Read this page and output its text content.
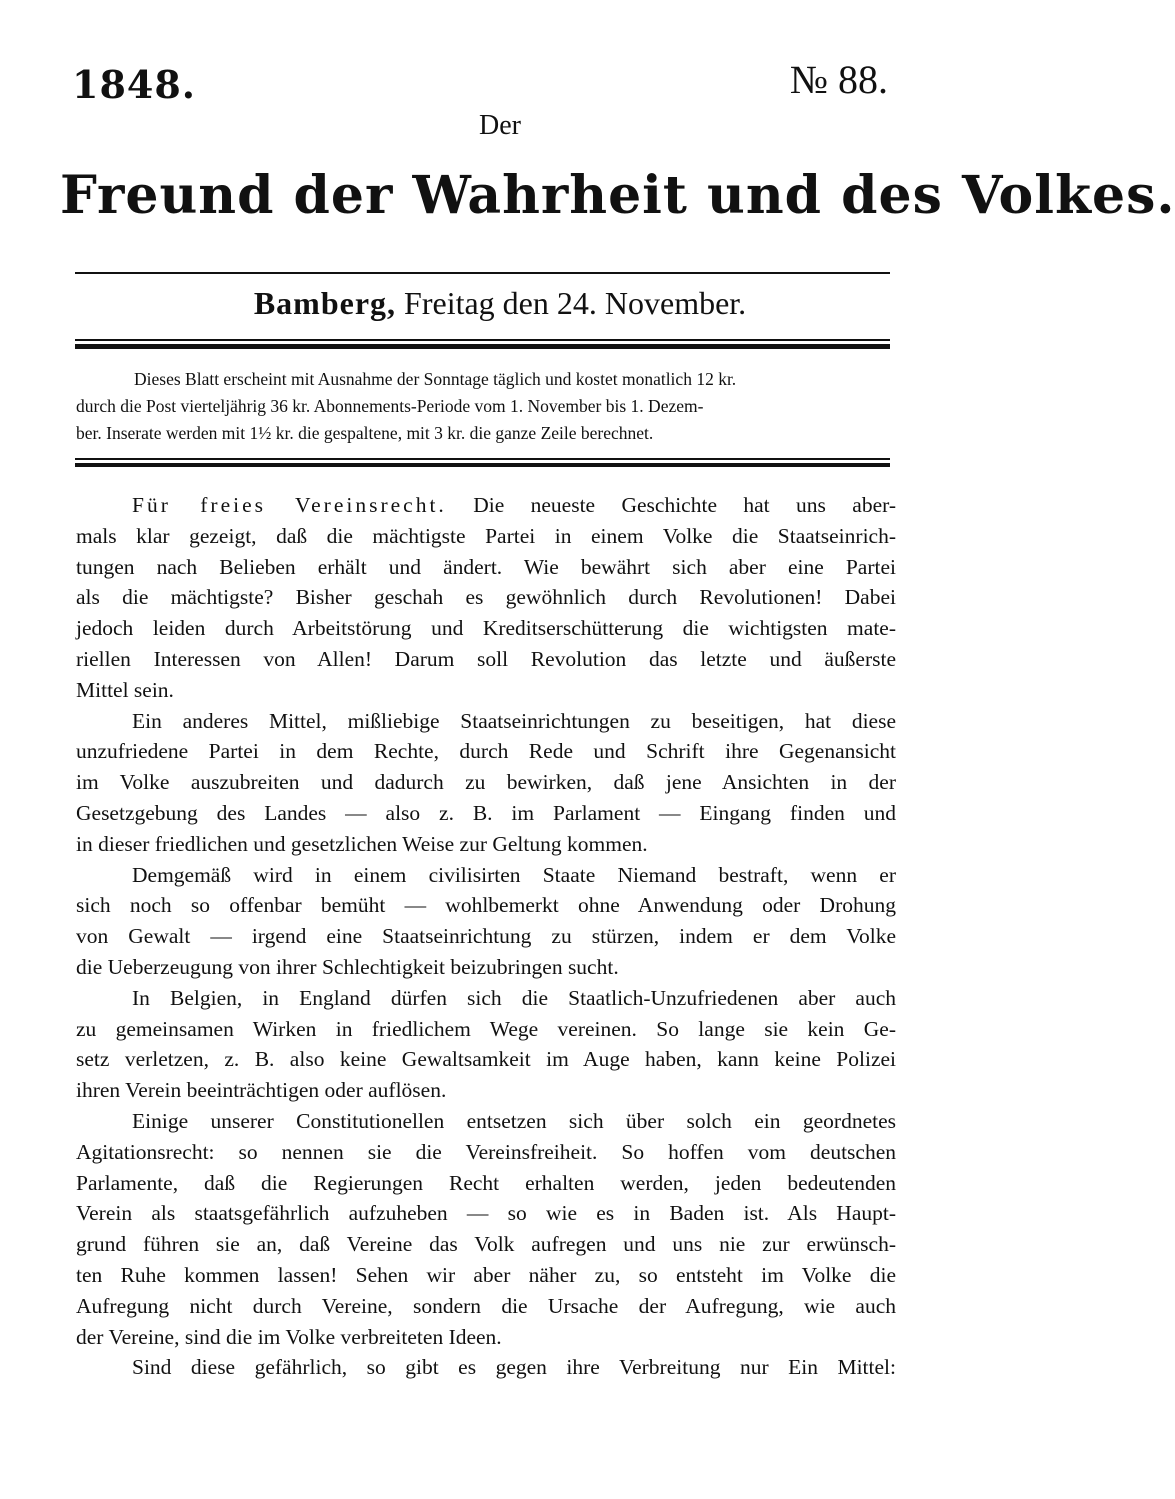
1848.	№ 88.
Der
Freund der Wahrheit und des Volkes.
Bamberg, Freitag den 24. November.
Dieses Blatt erscheint mit Ausnahme der Sonntage täglich und kostet monatlich 12 kr.
durch die Post vierteljährig 36 kr. Abonnements-Periode vom 1. November bis 1. Dezem-
ber. Inserate werden mit 1½ kr. die gespaltene, mit 3 kr. die ganze Zeile berechnet.
Für freies Vereinsrecht. Die neueste Geschichte hat uns aber-
mals klar gezeigt, daß die mächtigste Partei in einem Volke die Staatseinrich-
tungen nach Belieben erhält und ändert. Wie bewährt sich aber eine Partei
als die mächtigste? Bisher geschah es gewöhnlich durch Revolutionen! Dabei
jedoch leiden durch Arbeitstörung und Kreditserschütterung die wichtigsten mate-
riellen Interessen von Allen! Darum soll Revolution das letzte und äußerste
Mittel sein.
Ein anderes Mittel, mißliebige Staatseinrichtungen zu beseitigen, hat diese
unzufriedene Partei in dem Rechte, durch Rede und Schrift ihre Gegenansicht
im Volke auszubreiten und dadurch zu bewirken, daß jene Ansichten in der
Gesetzgebung des Landes — also z. B. im Parlament — Eingang finden und
in dieser friedlichen und gesetzlichen Weise zur Geltung kommen.
Demgemäß wird in einem civilisirten Staate Niemand bestraft, wenn er
sich noch so offenbar bemüht — wohlbemerkt ohne Anwendung oder Drohung
von Gewalt — irgend eine Staatseinrichtung zu stürzen, indem er dem Volke
die Ueberzeugung von ihrer Schlechtigkeit beizubringen sucht.
In Belgien, in England dürfen sich die Staatlich-Unzufriedenen aber auch
zu gemeinsamen Wirken in friedlichem Wege vereinen. So lange sie kein Ge-
setz verletzen, z. B. also keine Gewaltsamkeit im Auge haben, kann keine Polizei
ihren Verein beeinträchtigen oder auflösen.
Einige unserer Constitutionellen entsetzen sich über solch ein geordnetes
Agitationsrecht: so nennen sie die Vereinsfreiheit. So hoffen vom deutschen
Parlamente, daß die Regierungen Recht erhalten werden, jeden bedeutenden
Verein als staatsgefährlich aufzuheben — so wie es in Baden ist. Als Haupt-
grund führen sie an, daß Vereine das Volk aufregen und uns nie zur erwünsch-
ten Ruhe kommen lassen! Sehen wir aber näher zu, so entsteht im Volke die
Aufregung nicht durch Vereine, sondern die Ursache der Aufregung, wie auch
der Vereine, sind die im Volke verbreiteten Ideen.
Sind diese gefährlich, so gibt es gegen ihre Verbreitung nur Ein Mittel:
